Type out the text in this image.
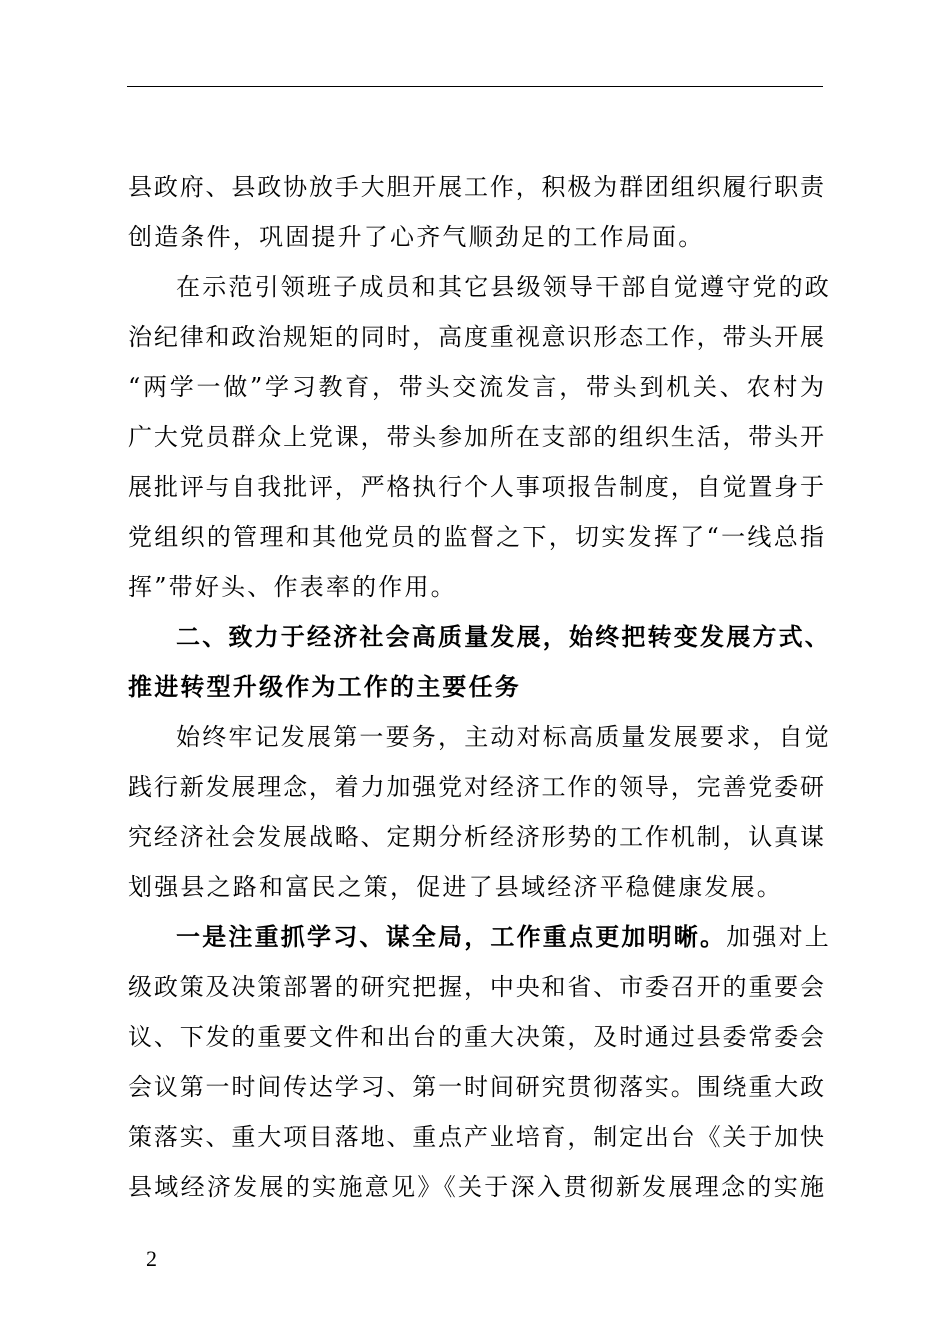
县政府、县政协放手大胆开展工作，积极为群团组织履行职责
创造条件，巩固提升了心齐气顺劲足的工作局面。
在示范引领班子成员和其它县级领导干部自觉遵守党的政
治纪律和政治规矩的同时，高度重视意识形态工作，带头开展
“两学一做”学习教育，带头交流发言，带头到机关、农村为
广大党员群众上党课，带头参加所在支部的组织生活，带头开
展批评与自我批评，严格执行个人事项报告制度，自觉置身于
党组织的管理和其他党员的监督之下，切实发挥了“一线总指
挥”带好头、作表率的作用。
二、致力于经济社会高质量发展，始终把转变发展方式、
推进转型升级作为工作的主要任务
始终牢记发展第一要务，主动对标高质量发展要求，自觉
践行新发展理念，着力加强党对经济工作的领导，完善党委研
究经济社会发展战略、定期分析经济形势的工作机制，认真谋
划强县之路和富民之策，促进了县域经济平稳健康发展。
一是注重抓学习、谋全局，工作重点更加明晰。加强对上
级政策及决策部署的研究把握，中央和省、市委召开的重要会
议、下发的重要文件和出台的重大决策，及时通过县委常委会
会议第一时间传达学习、第一时间研究贯彻落实。围绕重大政
策落实、重大项目落地、重点产业培育，制定出台《关于加快
县域经济发展的实施意见》《关于深入贯彻新发展理念的实施
2
